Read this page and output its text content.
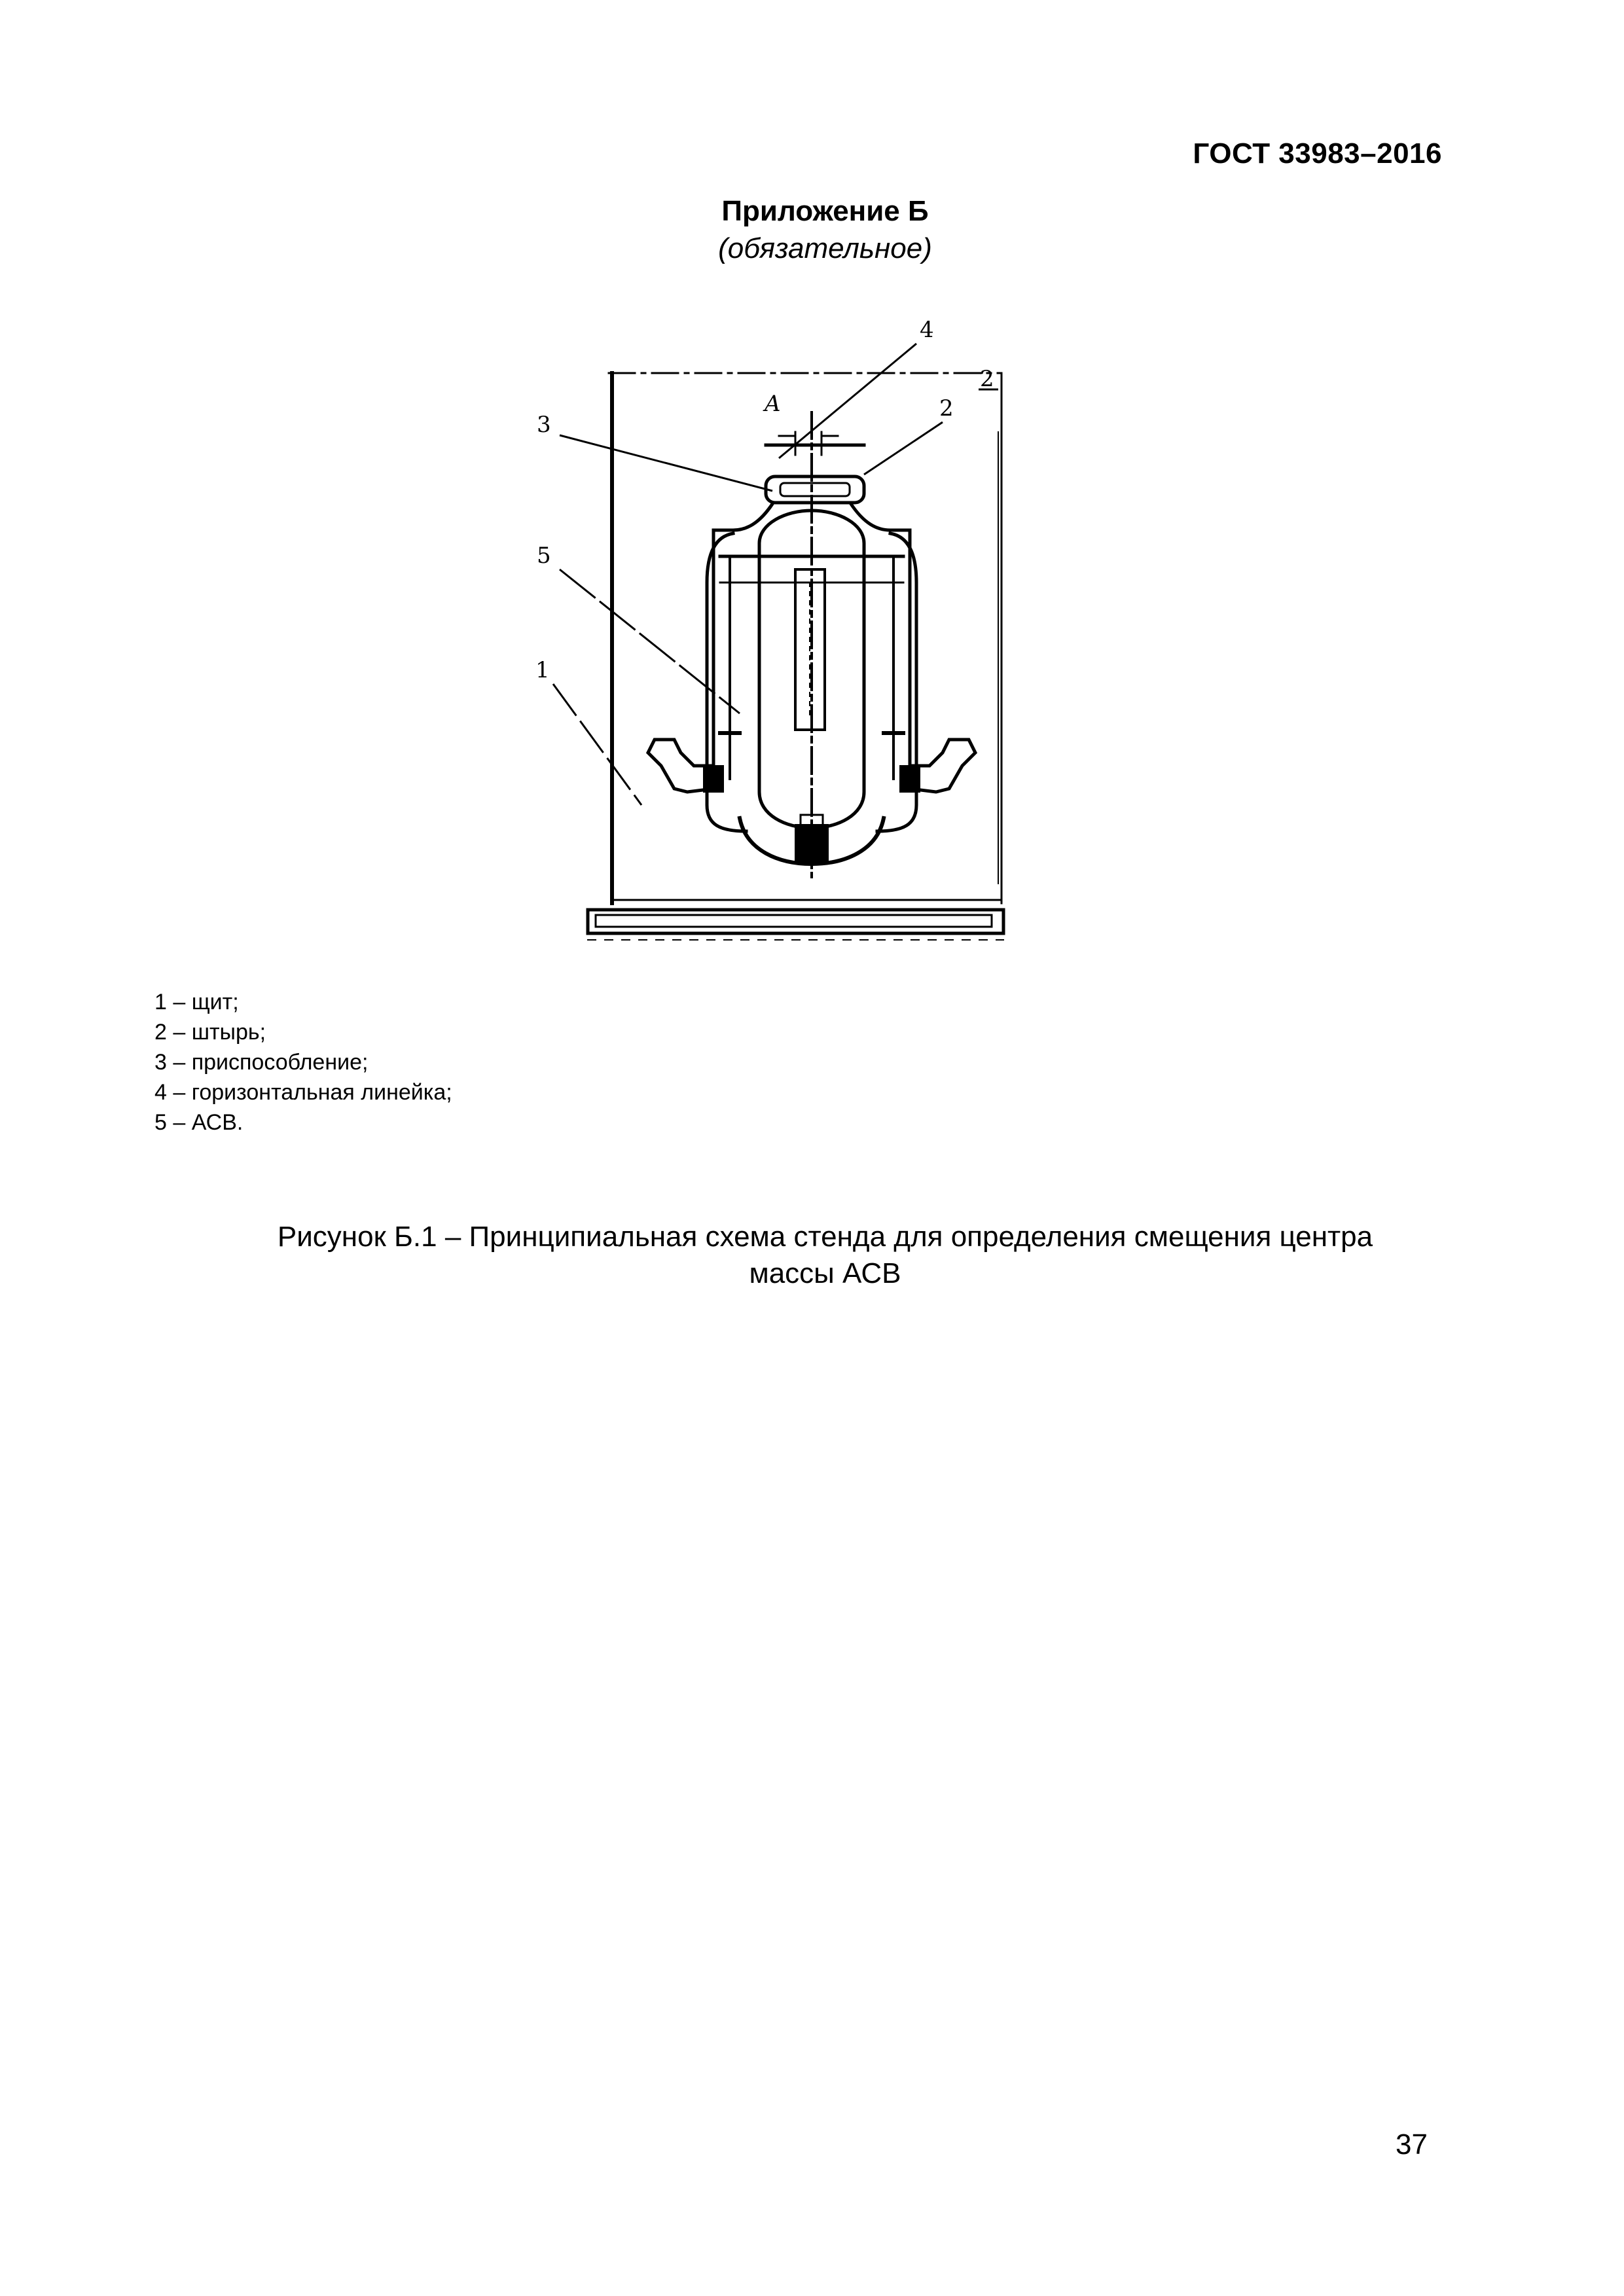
ГОСТ 33983–2016
Приложение Б
(обязательное)
4
2
2
3
5
1
A
1 – щит;
2 – штырь;
3 – приспособление;
4 – горизонтальная линейка;
5 – АСВ.
Рисунок Б.1 – Принципиальная схема стенда для определения смещения центра
массы АСВ
37
